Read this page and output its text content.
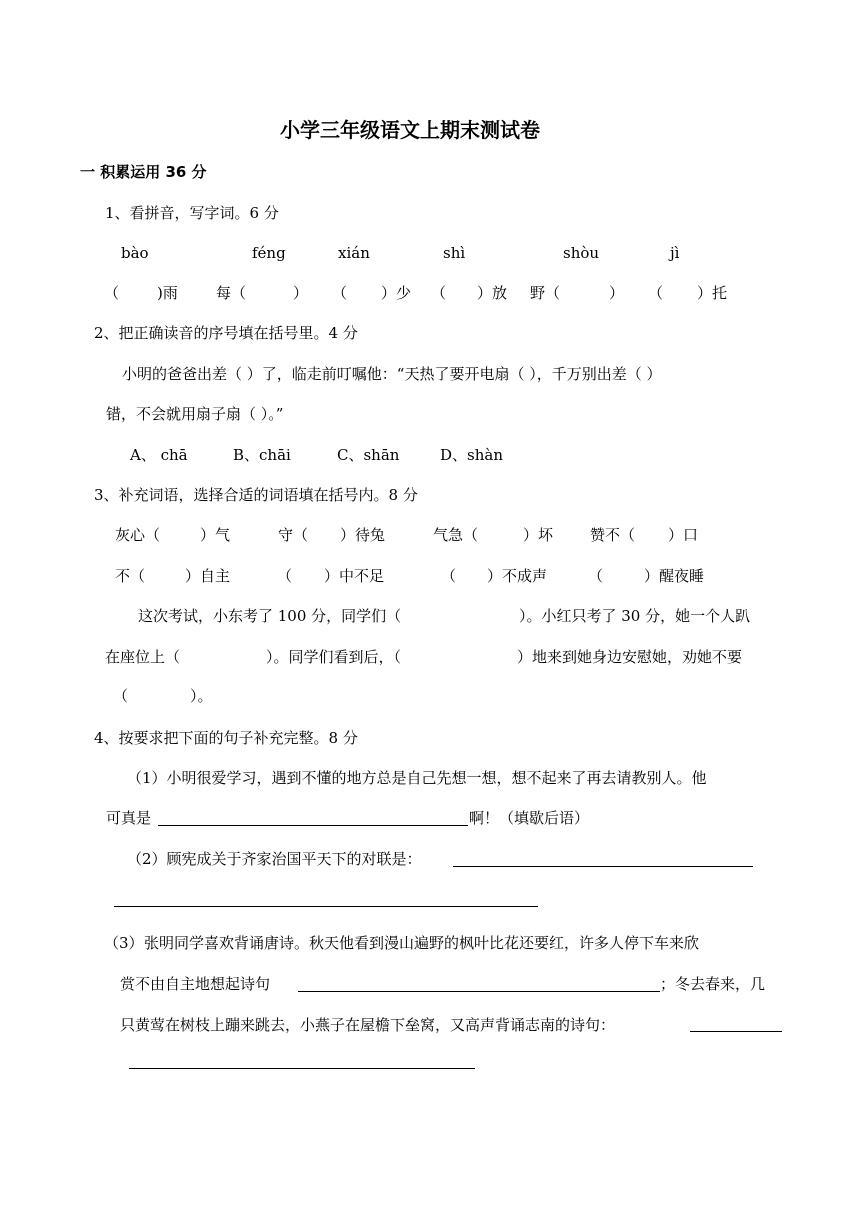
小学三年级语文上期末测试卷
一 积累运用 36 分
1、看拼音，写字词。6 分
bào	féng	xián	shì	shòu	jì
（	)雨	每（	） （ ）少 （ ）放 野（	） （ ）托
2、把正确读音的序号填在括号里。4 分
小明的爸爸出差（ ）了，临走前叮嘱他：“天热了要开电扇（ ），千万别出差（ ）
错，不会就用扇子扇（ ）。”
A、 chā	B、chāi	C、shān	D、shàn
3、补充词语，选择合适的词语填在括号内。8 分
灰心（	）气	守（ ）待兔	气急（	）坏 赞不（ ）口
不（	）自主	（ ）中不足	（ ）不成声	（	）醒夜睡
这次考试，小东考了 100 分，同学们（	）。小红只考了 30 分，她一个人趴
在座位上（	）。同学们看到后，（	）地来到她身边安慰她，劝她不要
（	）。
4、按要求把下面的句子补充完整。8 分
（1）小明很爱学习，遇到不懂的地方总是自己先想一想，想不起来了再去请教别人。他
可真是	啊！（填歇后语）
（2）顾宪成关于齐家治国平天下的对联是：
（3） 张明同学喜欢背诵唐诗。秋天他看到漫山遍野的枫叶比花还要红，许多人停下车来欣
赏不由自主地想起诗句	；冬去春来，几
只黄莺在树枝上蹦来跳去，小燕子在屋檐下垒窝，又高声背诵志南的诗句：
